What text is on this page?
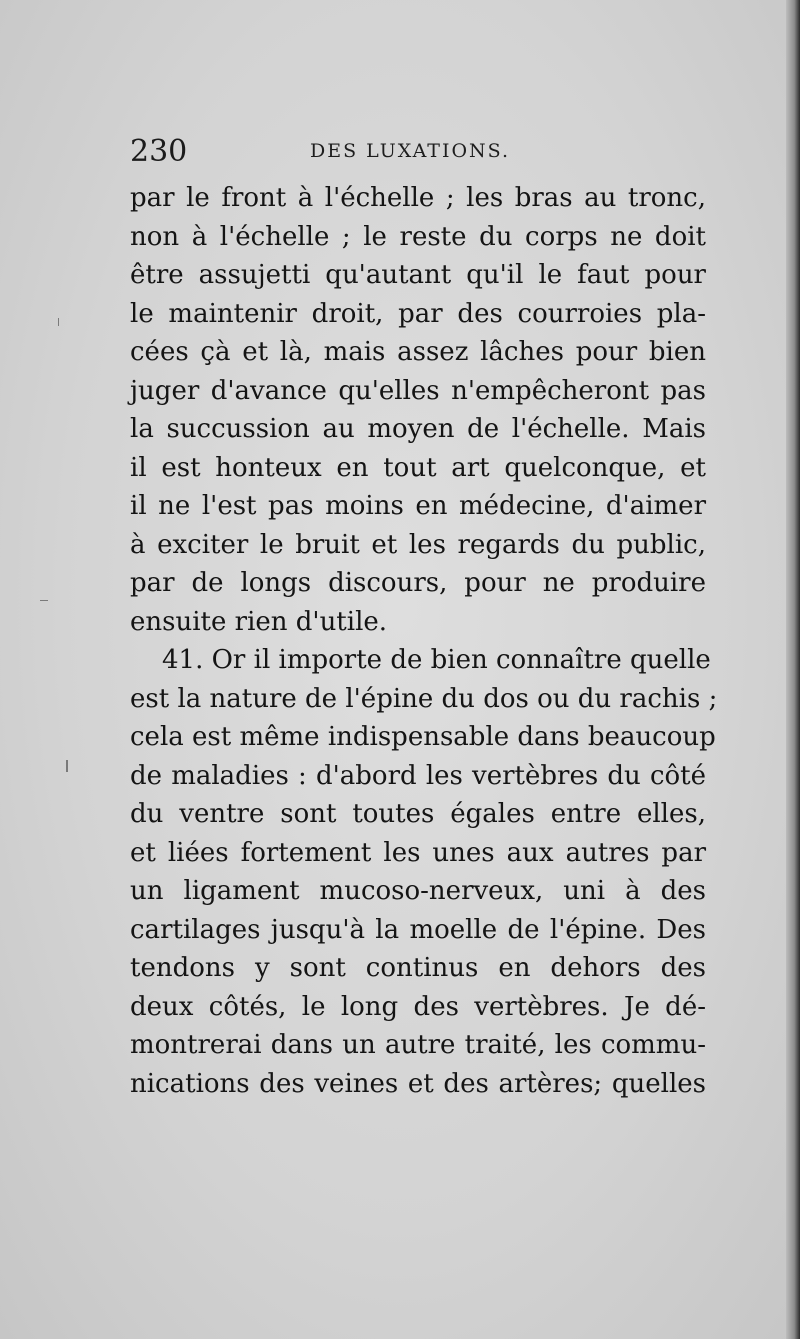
230	DES LUXATIONS.
par le front à l'échelle ; les bras au tronc,
non à l'échelle ; le reste du corps ne doit
être assujetti qu'autant qu'il le faut pour
le maintenir droit, par des courroies pla-
cées çà et là, mais assez lâches pour bien
juger d'avance qu'elles n'empêcheront pas
la succussion au moyen de l'échelle. Mais
il est honteux en tout art quelconque, et
il ne l'est pas moins en médecine, d'aimer
à exciter le bruit et les regards du public,
par de longs discours, pour ne produire
ensuite rien d'utile.
41. Or il importe de bien connaître quelle
est la nature de l'épine du dos ou du rachis ;
cela est même indispensable dans beaucoup
de maladies : d'abord les vertèbres du côté
du ventre sont toutes égales entre elles,
et liées fortement les unes aux autres par
un ligament mucoso-nerveux, uni à des
cartilages jusqu'à la moelle de l'épine. Des
tendons y sont continus en dehors des
deux côtés, le long des vertèbres. Je dé-
montrerai dans un autre traité, les commu-
nications des veines et des artères; quelles
